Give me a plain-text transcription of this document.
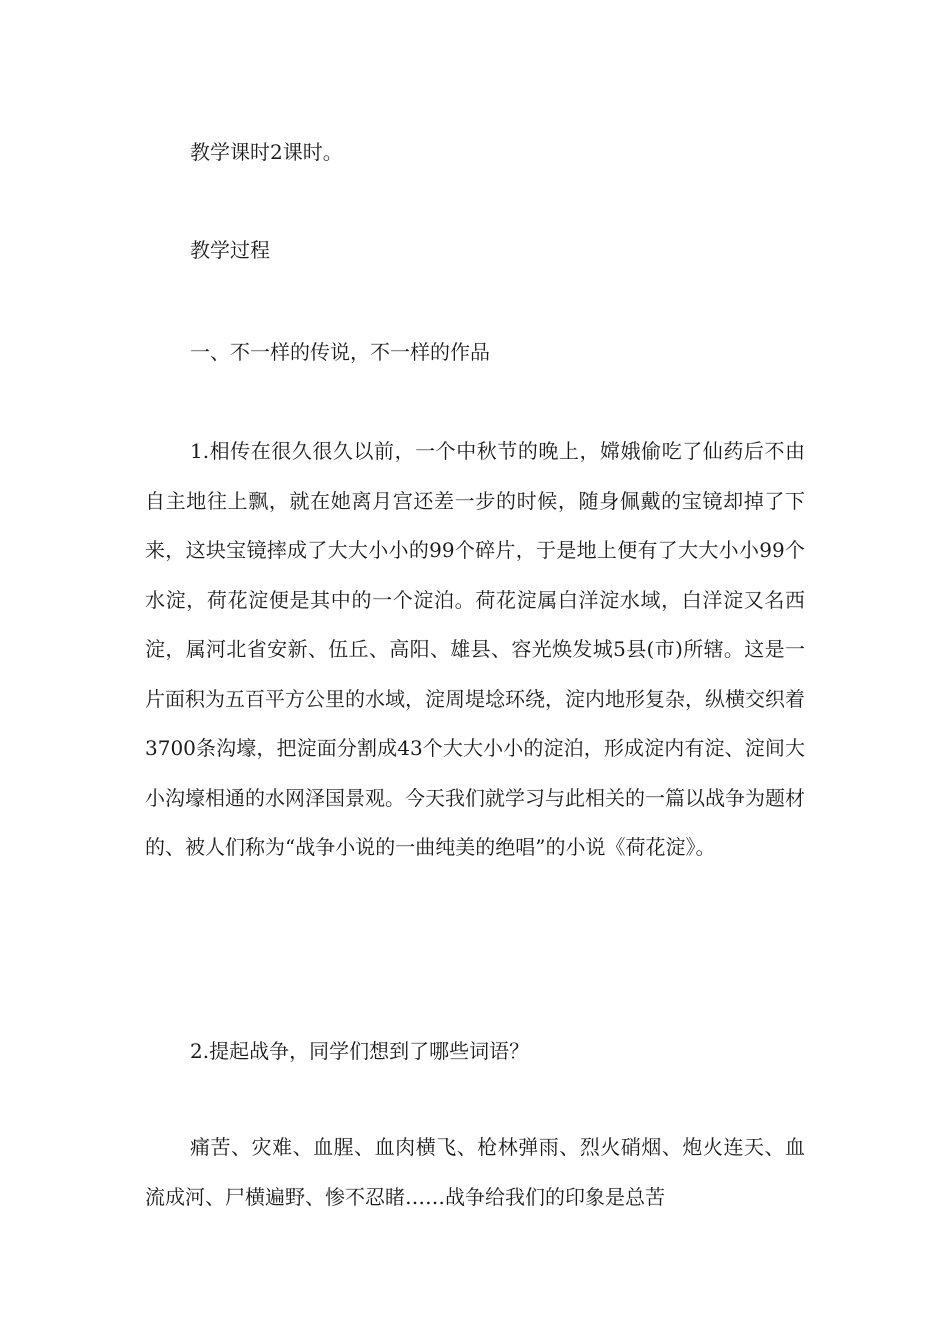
教学课时2课时。

教学过程

一、不一样的传说，不一样的作品

1.相传在很久很久以前，一个中秋节的晚上，嫦娥偷吃了仙药后不由自主地往上飘，就在她离月宫还差一步的时候，随身佩戴的宝镜却掉了下来，这块宝镜摔成了大大小小的99个碎片，于是地上便有了大大小小99个水淀，荷花淀便是其中的一个淀泊。荷花淀属白洋淀水域，白洋淀又名西淀，属河北省安新、伍丘、高阳、雄县、容光焕发城5县(市)所辖。这是一片面积为五百平方公里的水域，淀周堤埝环绕，淀内地形复杂，纵横交织着3700条沟壕，把淀面分割成43个大大小小的淀泊，形成淀内有淀、淀间大小沟壕相通的水网泽国景观。今天我们就学习与此相关的一篇以战争为题材的、被人们称为“战争小说的一曲纯美的绝唱”的小说《荷花淀》。

2.提起战争，同学们想到了哪些词语？

痛苦、灾难、血腥、血肉横飞、枪林弹雨、烈火硝烟、炮火连天、血流成河、尸横遍野、惨不忍睹……战争给我们的印象是总苦
